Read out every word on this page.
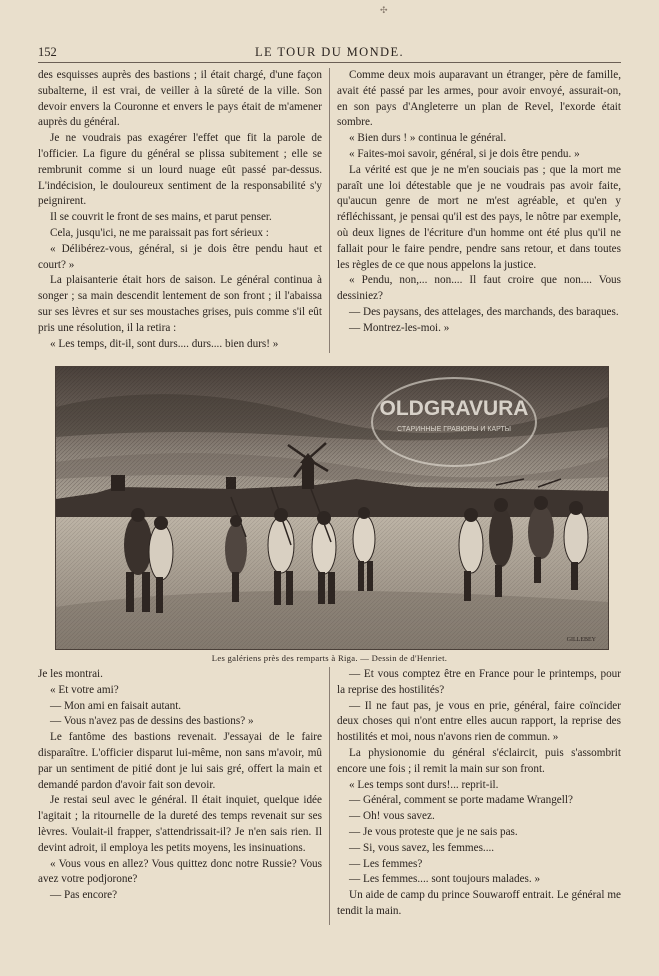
✣
152	LE TOUR DU MONDE.

des esquisses auprès des bastions ; il était chargé, d'une façon subalterne, il est vrai, de veiller à la sûreté de la ville. Son devoir envers la Couronne et envers le pays était de m'amener auprès du général.

Je ne voudrais pas exagérer l'effet que fit la parole de l'officier. La figure du général se plissa subitement ; elle se rembrunit comme si un lourd nuage eût passé par-dessus. L'indécision, le douloureux sentiment de la responsabilité s'y peignirent.

Il se couvrit le front de ses mains, et parut penser.

Cela, jusqu'ici, ne me paraissait pas fort sérieux :

« Délibérez-vous, général, si je dois être pendu haut et court? »

La plaisanterie était hors de saison. Le général continua à songer ; sa main descendit lentement de son front ; il l'abaissa sur ses lèvres et sur ses moustaches grises, puis comme s'il eût pris une résolution, il la retira :

« Les temps, dit-il, sont durs.... durs.... bien durs! »

Comme deux mois auparavant un étranger, père de famille, avait été passé par les armes, pour avoir envoyé, assurait-on, en son pays d'Angleterre un plan de Revel, l'exorde était sombre.

« Bien durs ! » continua le général.

« Faites-moi savoir, général, si je dois être pendu. »

La vérité est que je ne m'en souciais pas ; que la mort me paraît une loi détestable que je ne voudrais pas avoir faite, qu'aucun genre de mort ne m'est agréable, et qu'en y réfléchissant, je pensai qu'il est des pays, le nôtre par exemple, où deux lignes de l'écriture d'un homme ont été plus qu'il ne fallait pour le faire pendre, pendre sans retour, et dans toutes les règles de ce que nous appelons la justice.

« Pendu, non,... non.... Il faut croire que non.... Vous dessiniez?

— Des paysans, des attelages, des marchands, des baraques.

— Montrez-les-moi. »

OLDGRAVURA
СТАРИННЫЕ ГРАВЮРЫ И КАРТЫ
GILLEBEY
Les galériens près des remparts à Riga. — Dessin de d'Henriet.

Je les montrai.

« Et votre ami?

— Mon ami en faisait autant.

— Vous n'avez pas de dessins des bastions? »

Le fantôme des bastions revenait. J'essayai de le faire disparaître. L'officier disparut lui-même, non sans m'avoir, mû par un sentiment de pitié dont je lui sais gré, offert la main et demandé pardon d'avoir fait son devoir.

Je restai seul avec le général. Il était inquiet, quelque idée l'agitait ; la ritournelle de la dureté des temps revenait sur ses lèvres. Voulait-il frapper, s'attendrissait-il? Je n'en sais rien. Il devint adroit, il employa les petits moyens, les insinuations.

« Vous vous en allez? Vous quittez donc notre Russie? Vous avez votre podjorone?

— Pas encore?

— Et vous comptez être en France pour le printemps, pour la reprise des hostilités?

— Il ne faut pas, je vous en prie, général, faire coïncider deux choses qui n'ont entre elles aucun rapport, la reprise des hostilités et moi, nous n'avons rien de commun. »

La physionomie du général s'éclaircit, puis s'assombrit encore une fois ; il remit la main sur son front.

« Les temps sont durs!... reprit-il.

— Général, comment se porte madame Wrangell?

— Oh! vous savez.

— Je vous proteste que je ne sais pas.

— Si, vous savez, les femmes....

— Les femmes?

— Les femmes.... sont toujours malades. »

Un aide de camp du prince Souwaroff entrait. Le général me tendit la main.
